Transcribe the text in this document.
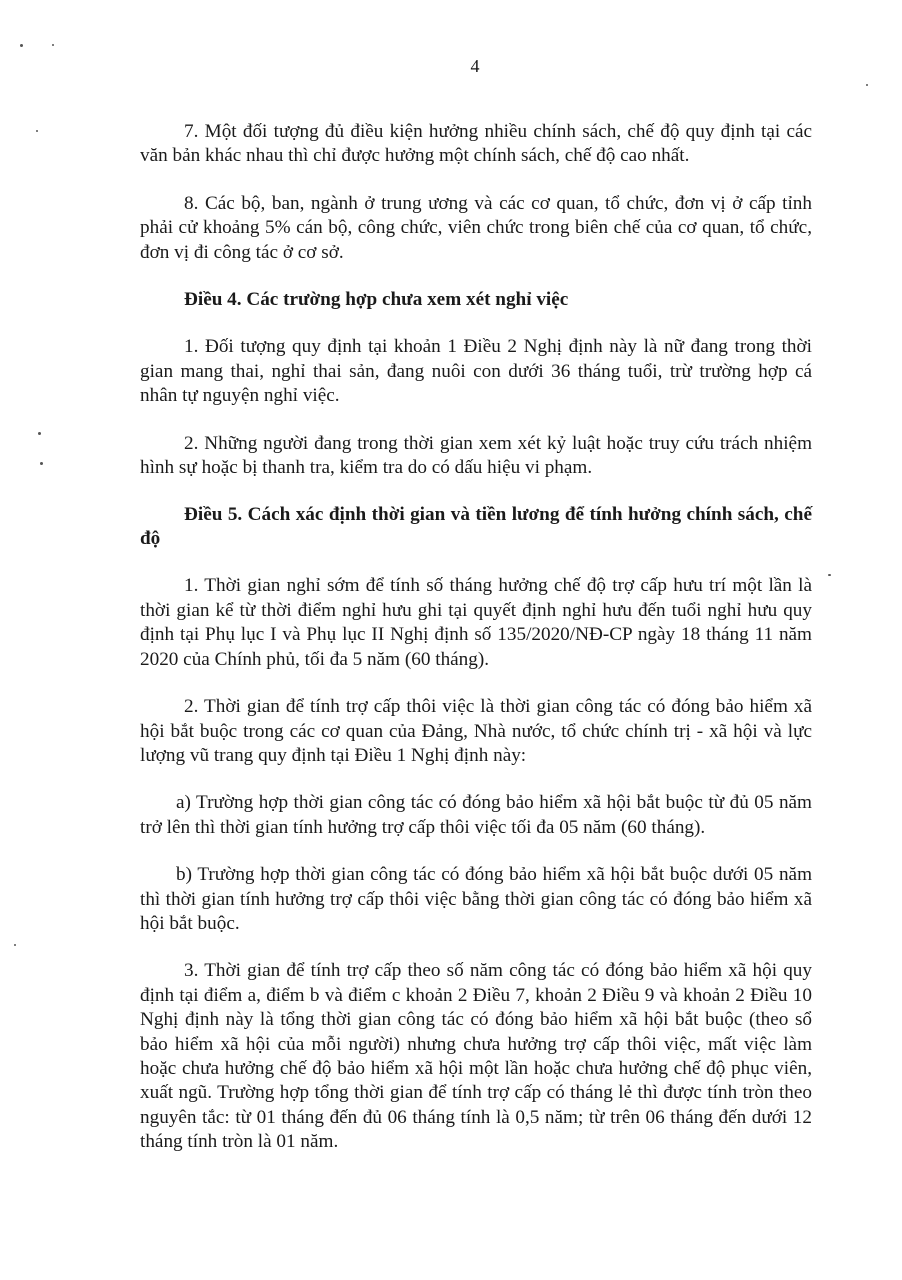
4

7. Một đối tượng đủ điều kiện hưởng nhiều chính sách, chế độ quy định tại các văn bản khác nhau thì chỉ được hưởng một chính sách, chế độ cao nhất.

8. Các bộ, ban, ngành ở trung ương và các cơ quan, tổ chức, đơn vị ở cấp tỉnh phải cử khoảng 5% cán bộ, công chức, viên chức trong biên chế của cơ quan, tổ chức, đơn vị đi công tác ở cơ sở.

Điều 4. Các trường hợp chưa xem xét nghỉ việc

1. Đối tượng quy định tại khoản 1 Điều 2 Nghị định này là nữ đang trong thời gian mang thai, nghỉ thai sản, đang nuôi con dưới 36 tháng tuổi, trừ trường hợp cá nhân tự nguyện nghỉ việc.

2. Những người đang trong thời gian xem xét kỷ luật hoặc truy cứu trách nhiệm hình sự hoặc bị thanh tra, kiểm tra do có dấu hiệu vi phạm.

Điều 5. Cách xác định thời gian và tiền lương để tính hưởng chính sách, chế độ

1. Thời gian nghỉ sớm để tính số tháng hưởng chế độ trợ cấp hưu trí một lần là thời gian kể từ thời điểm nghỉ hưu ghi tại quyết định nghỉ hưu đến tuổi nghỉ hưu quy định tại Phụ lục I và Phụ lục II Nghị định số 135/2020/NĐ-CP ngày 18 tháng 11 năm 2020 của Chính phủ, tối đa 5 năm (60 tháng).

2. Thời gian để tính trợ cấp thôi việc là thời gian công tác có đóng bảo hiểm xã hội bắt buộc trong các cơ quan của Đảng, Nhà nước, tổ chức chính trị - xã hội và lực lượng vũ trang quy định tại Điều 1 Nghị định này:

a) Trường hợp thời gian công tác có đóng bảo hiểm xã hội bắt buộc từ đủ 05 năm trở lên thì thời gian tính hưởng trợ cấp thôi việc tối đa 05 năm (60 tháng).

b) Trường hợp thời gian công tác có đóng bảo hiểm xã hội bắt buộc dưới 05 năm thì thời gian tính hưởng trợ cấp thôi việc bằng thời gian công tác có đóng bảo hiểm xã hội bắt buộc.

3. Thời gian để tính trợ cấp theo số năm công tác có đóng bảo hiểm xã hội quy định tại điểm a, điểm b và điểm c khoản 2 Điều 7, khoản 2 Điều 9 và khoản 2 Điều 10 Nghị định này là tổng thời gian công tác có đóng bảo hiểm xã hội bắt buộc (theo sổ bảo hiểm xã hội của mỗi người) nhưng chưa hưởng trợ cấp thôi việc, mất việc làm hoặc chưa hưởng chế độ bảo hiểm xã hội một lần hoặc chưa hưởng chế độ phục viên, xuất ngũ. Trường hợp tổng thời gian để tính trợ cấp có tháng lẻ thì được tính tròn theo nguyên tắc: từ 01 tháng đến đủ 06 tháng tính là 0,5 năm; từ trên 06 tháng đến dưới 12 tháng tính tròn là 01 năm.
